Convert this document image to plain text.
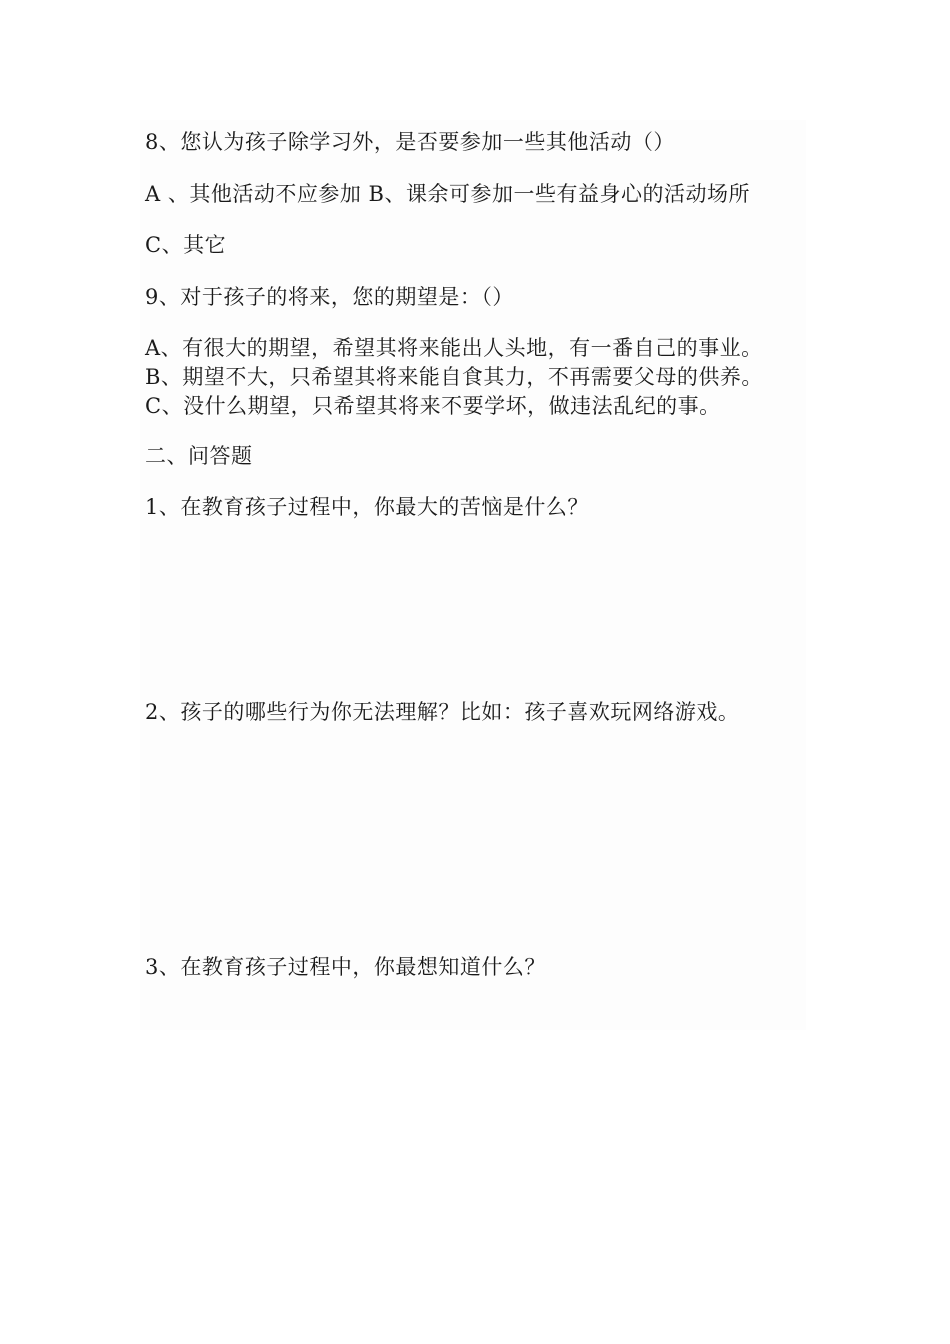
8、您认为孩子除学习外，是否要参加一些其他活动（）
A 、其他活动不应参加 B、课余可参加一些有益身心的活动场所
C、其它
9、对于孩子的将来，您的期望是：（）
A、有很大的期望，希望其将来能出人头地，有一番自己的事业。
B、期望不大，只希望其将来能自食其力，不再需要父母的供养。
C、没什么期望，只希望其将来不要学坏，做违法乱纪的事。
二、问答题
1、在教育孩子过程中，你最大的苦恼是什么？
2、孩子的哪些行为你无法理解？比如：孩子喜欢玩网络游戏。
3、在教育孩子过程中，你最想知道什么？
